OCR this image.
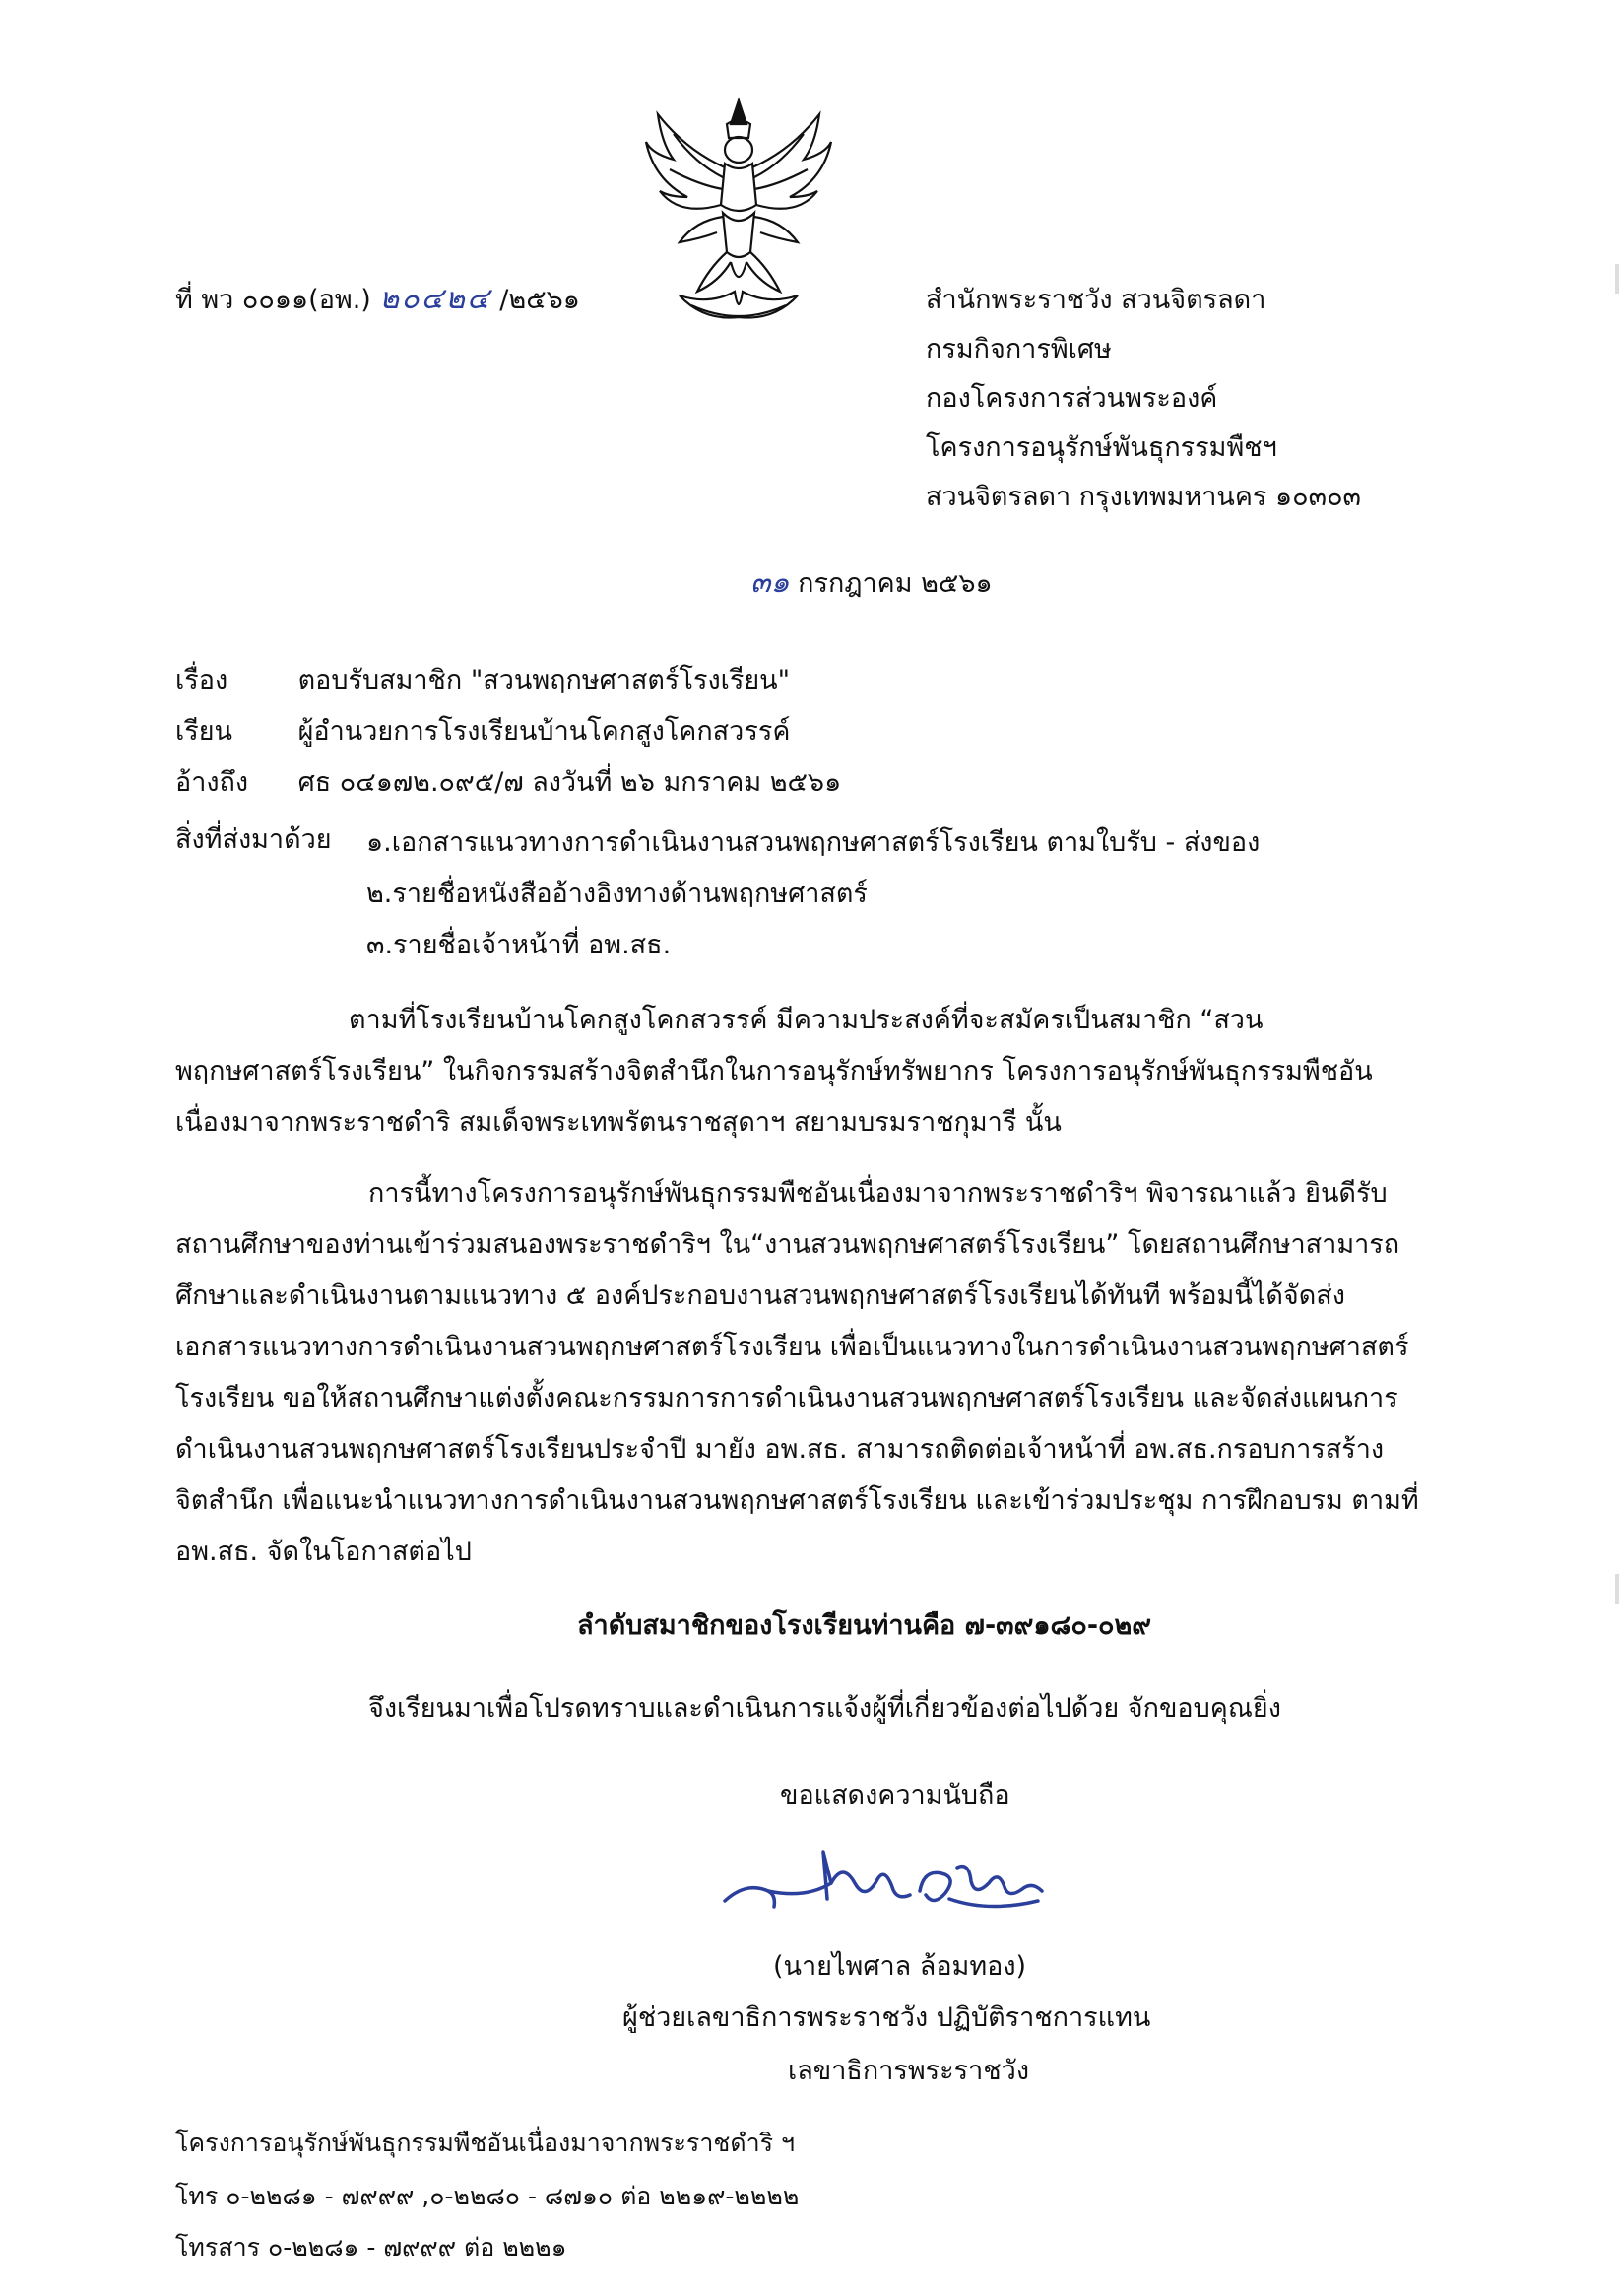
ที่ พว ๐๐๑๑(อพ.) ๒๐๔๒๔ /๒๕๖๑	สำนักพระราชวัง สวนจิตรลดา
กรมกิจการพิเศษ
กองโครงการส่วนพระองค์
โครงการอนุรักษ์พันธุกรรมพืชฯ
สวนจิตรลดา กรุงเทพมหานคร ๑๐๓๐๓
๓๑ กรกฎาคม ๒๕๖๑
เรื่อง	ตอบรับสมาชิก "สวนพฤกษศาสตร์โรงเรียน"
เรียน ผู้อำนวยการโรงเรียนบ้านโคกสูงโคกสวรรค์
อ้างถึง ศธ ๐๔๑๗๒.๐๙๕/๗ ลงวันที่ ๒๖ มกราคม ๒๕๖๑
สิ่งที่ส่งมาด้วย ๑.เอกสารแนวทางการดำเนินงานสวนพฤกษศาสตร์โรงเรียน ตามใบรับ - ส่งของ
๒.รายชื่อหนังสืออ้างอิงทางด้านพฤกษศาสตร์
๓.รายชื่อเจ้าหน้าที่ อพ.สธ.
ตามที่โรงเรียนบ้านโคกสูงโคกสวรรค์ มีความประสงค์ที่จะสมัครเป็นสมาชิก “สวน
พฤกษศาสตร์โรงเรียน” ในกิจกรรมสร้างจิตสำนึกในการอนุรักษ์ทรัพยากร โครงการอนุรักษ์พันธุกรรมพืชอัน
เนื่องมาจากพระราชดำริ สมเด็จพระเทพรัตนราชสุดาฯ สยามบรมราชกุมารี นั้น
การนี้ทางโครงการอนุรักษ์พันธุกรรมพืชอันเนื่องมาจากพระราชดำริฯ พิจารณาแล้ว ยินดีรับ
สถานศึกษาของท่านเข้าร่วมสนองพระราชดำริฯ ใน“งานสวนพฤกษศาสตร์โรงเรียน” โดยสถานศึกษาสามารถ
ศึกษาและดำเนินงานตามแนวทาง ๕ องค์ประกอบงานสวนพฤกษศาสตร์โรงเรียนได้ทันที พร้อมนี้ได้จัดส่ง
เอกสารแนวทางการดำเนินงานสวนพฤกษศาสตร์โรงเรียน เพื่อเป็นแนวทางในการดำเนินงานสวนพฤกษศาสตร์
โรงเรียน ขอให้สถานศึกษาแต่งตั้งคณะกรรมการการดำเนินงานสวนพฤกษศาสตร์โรงเรียน และจัดส่งแผนการ
ดำเนินงานสวนพฤกษศาสตร์โรงเรียนประจำปี มายัง อพ.สธ. สามารถติดต่อเจ้าหน้าที่ อพ.สธ.กรอบการสร้าง
จิตสำนึก เพื่อแนะนำแนวทางการดำเนินงานสวนพฤกษศาสตร์โรงเรียน และเข้าร่วมประชุม การฝึกอบรม ตามที่
อพ.สธ. จัดในโอกาสต่อไป
ลำดับสมาชิกของโรงเรียนท่านคือ ๗-๓๙๑๘๐-๐๒๙
จึงเรียนมาเพื่อโปรดทราบและดำเนินการแจ้งผู้ที่เกี่ยวข้องต่อไปด้วย จักขอบคุณยิ่ง
ขอแสดงความนับถือ
(นายไพศาล ล้อมทอง)
ผู้ช่วยเลขาธิการพระราชวัง ปฏิบัติราชการแทน
เลขาธิการพระราชวัง
โครงการอนุรักษ์พันธุกรรมพืชอันเนื่องมาจากพระราชดำริ ฯ
โทร ๐-๒๒๘๑ - ๗๙๙๙ ,๐-๒๒๘๐ - ๘๗๑๐ ต่อ ๒๒๑๙-๒๒๒๒
โทรสาร ๐-๒๒๘๑ - ๗๙๙๙ ต่อ ๒๒๒๑
